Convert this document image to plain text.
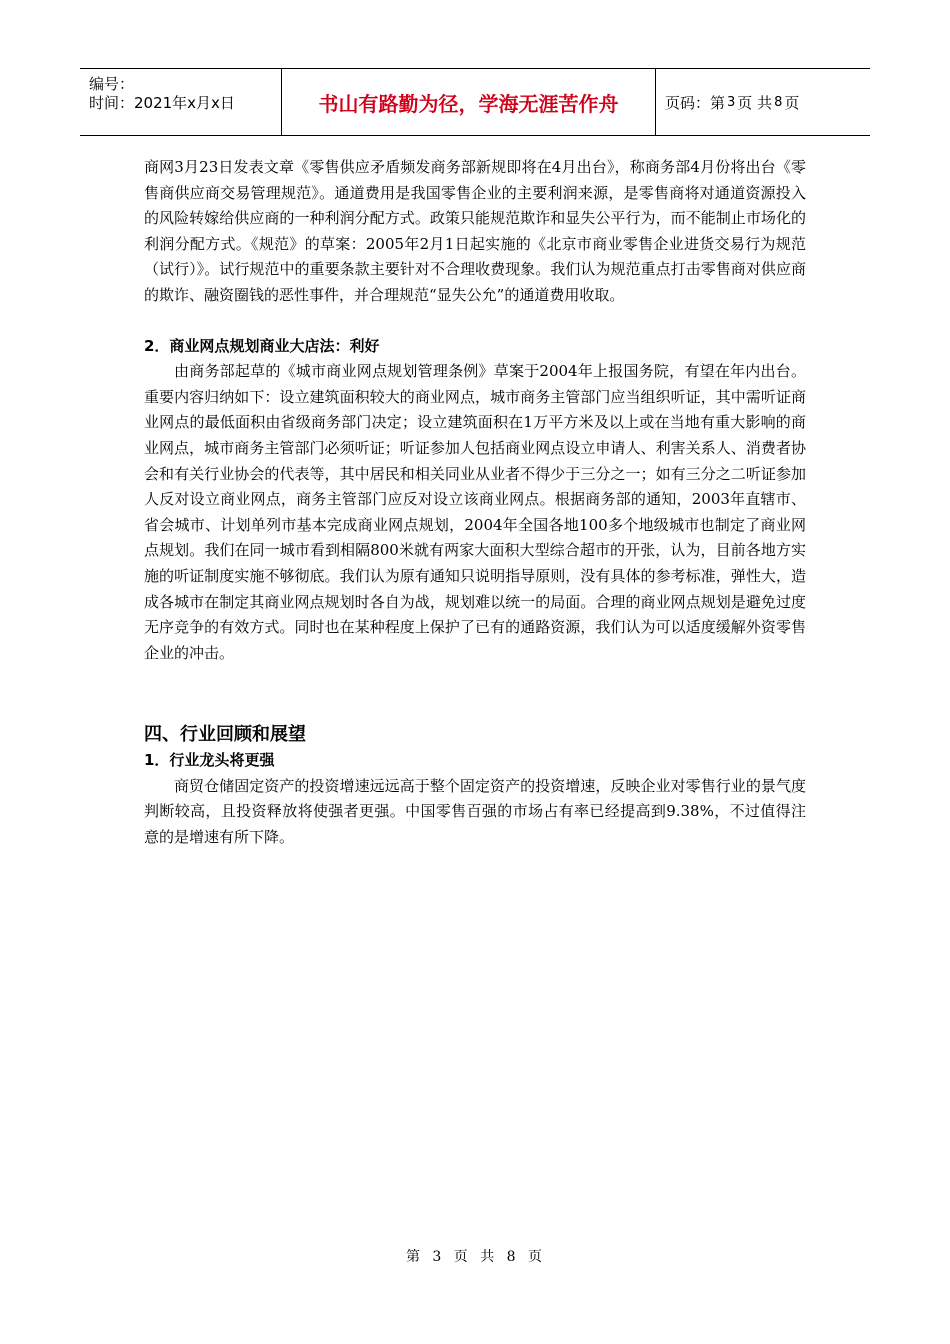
编号：
时间：2021年x月x日	书山有路勤为径，学海无涯苦作舟	页码：第 3 页 共 8 页

商网3月23日发表文章《零售供应矛盾频发商务部新规即将在4月出台》，称商务部4月份将出台《零售商供应商交易管理规范》。通道费用是我国零售企业的主要利润来源，是零售商将对通道资源投入的风险转嫁给供应商的一种利润分配方式。政策只能规范欺诈和显失公平行为，而不能制止市场化的利润分配方式。《规范》的草案：2005年2月1日起实施的《北京市商业零售企业进货交易行为规范（试行）》。试行规范中的重要条款主要针对不合理收费现象。我们认为规范重点打击零售商对供应商的欺诈、融资圈钱的恶性事件，并合理规范“显失公允”的通道费用收取。

2．商业网点规划商业大店法：利好

由商务部起草的《城市商业网点规划管理条例》草案于2004年上报国务院，有望在年内出台。重要内容归纳如下：设立建筑面积较大的商业网点，城市商务主管部门应当组织听证，其中需听证商业网点的最低面积由省级商务部门决定；设立建筑面积在1万平方米及以上或在当地有重大影响的商业网点，城市商务主管部门必须听证；听证参加人包括商业网点设立申请人、利害关系人、消费者协会和有关行业协会的代表等，其中居民和相关同业从业者不得少于三分之一；如有三分之二听证参加人反对设立商业网点，商务主管部门应反对设立该商业网点。根据商务部的通知，2003年直辖市、省会城市、计划单列市基本完成商业网点规划，2004年全国各地100多个地级城市也制定了商业网点规划。我们在同一城市看到相隔800米就有两家大面积大型综合超市的开张，认为，目前各地方实施的听证制度实施不够彻底。我们认为原有通知只说明指导原则，没有具体的参考标准，弹性大，造成各城市在制定其商业网点规划时各自为战，规划难以统一的局面。合理的商业网点规划是避免过度无序竞争的有效方式。同时也在某种程度上保护了已有的通路资源，我们认为可以适度缓解外资零售企业的冲击。

四、行业回顾和展望
1．行业龙头将更强

商贸仓储固定资产的投资增速远远高于整个固定资产的投资增速，反映企业对零售行业的景气度判断较高，且投资释放将使强者更强。中国零售百强的市场占有率已经提高到9.38%，不过值得注意的是增速有所下降。

第 3 页 共 8 页
